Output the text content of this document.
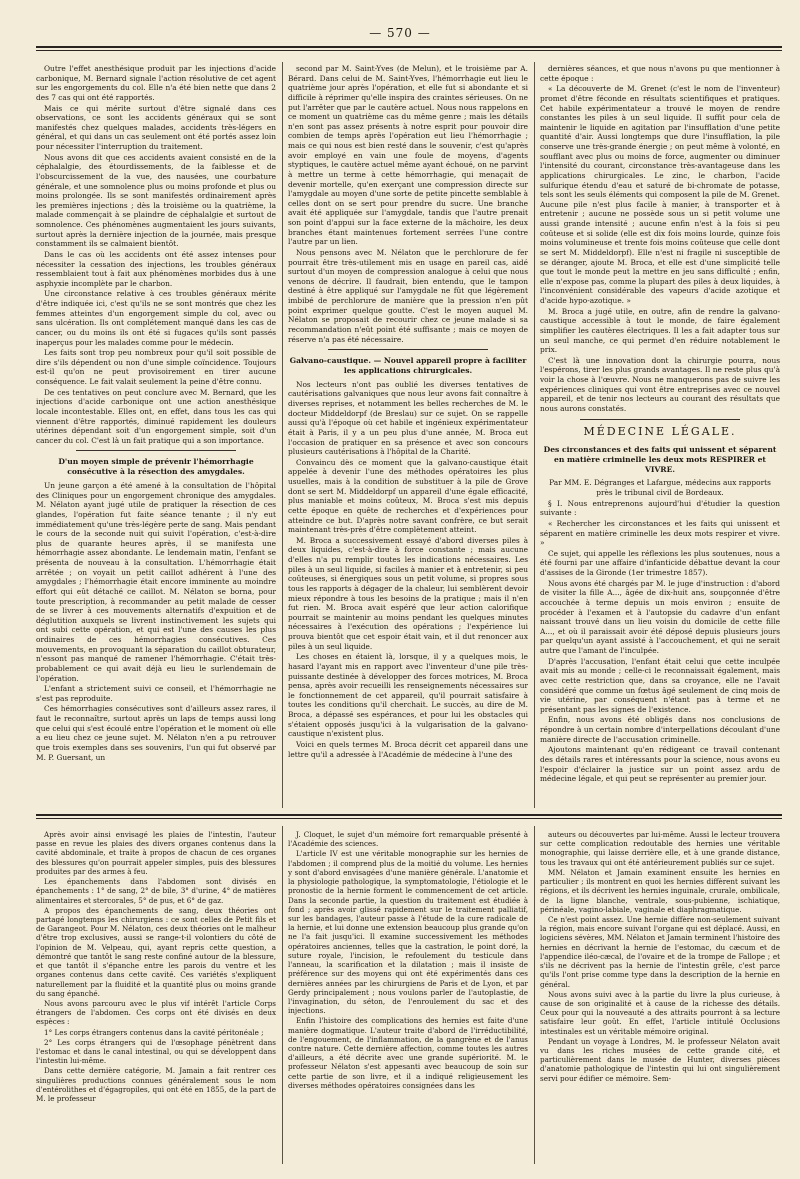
— 570 —

Outre l'effet anesthésique produit par les injections d'acide carbonique, M. Bernard signale l'action résolutive de cet agent sur les engorgements du col. Elle n'a été bien nette que dans 2 des 7 cas qui ont été rapportés.

Mais ce qui mérite surtout d'être signalé dans ces observations, ce sont les accidents généraux qui se sont manifestés chez quelques malades, accidents très-légers en général, et qui dans un cas seulement ont été portés assez loin pour nécessiter l'interruption du traitement.

Nous avons dit que ces accidents avaient consisté en de la céphalalgie, des étourdissements, de la faiblesse et de l'obscurcissement de la vue, des nausées, une courbature générale, et une somnolence plus ou moins profonde et plus ou moins prolongée. Ils se sont manifestés ordinairement après les premières injections ; dès la troisième ou la quatrième, la malade commençait à se plaindre de céphalalgie et surtout de somnolence. Ces phénomènes augmentaient les jours suivants, surtout après la dernière injection de la journée, mais presque constamment ils se calmaient bientôt.

Dans le cas où les accidents ont été assez intenses pour nécessiter la cessation des injections, les troubles généraux ressemblaient tout à fait aux phénomènes morbides dus à une asphyxie incomplète par le charbon.

Une circonstance relative à ces troubles généraux mérite d'être indiquée ici, c'est qu'ils ne se sont montrés que chez les femmes atteintes d'un engorgement simple du col, avec ou sans ulcération. Ils ont complétement manqué dans les cas de cancer, ou du moins ils ont été si fugaces qu'ils sont passés inaperçus pour les malades comme pour le médecin.

Les faits sont trop peu nombreux pour qu'il soit possible de dire s'ils dépendent ou non d'une simple coïncidence. Toujours est-il qu'on ne peut provisoirement en tirer aucune conséquence. Le fait valait seulement la peine d'être connu.

De ces tentatives on peut conclure avec M. Bernard, que les injections d'acide carbonique ont une action anesthésique locale incontestable. Elles ont, en effet, dans tous les cas qui viennent d'être rapportés, diminué rapidement les douleurs utérines dépendant soit d'un engorgement simple, soit d'un cancer du col. C'est là un fait pratique qui a son importance.

D'un moyen simple de prévenir l'hémorrhagie consécutive à la résection des amygdales.

Un jeune garçon a été amené à la consultation de l'hôpital des Cliniques pour un engorgement chronique des amygdales. M. Nélaton ayant jugé utile de pratiquer la résection de ces glandes, l'opération fut faite séance tenante ; il n'y eut immédiatement qu'une très-légère perte de sang. Mais pendant le cours de la seconde nuit qui suivit l'opération, c'est-à-dire plus de quarante heures après, il se manifesta une hémorrhagie assez abondante. Le lendemain matin, l'enfant se présenta de nouveau à la consultation. L'hémorrhagie était arrêtée ; on voyait un petit caillot adhérent à l'une des amygdales ; l'hémorrhagie était encore imminente au moindre effort qui eût détaché ce caillot. M. Nélaton se borna, pour toute prescription, à recommander au petit malade de cesser de se livrer à ces mouvements alternatifs d'expuition et de déglutition auxquels se livrent instinctivement les sujets qui ont subi cette opération, et qui est l'une des causes les plus ordinaires de ces hémorrhagies consécutives. Ces mouvements, en provoquant la séparation du caillot obturateur, n'essont pas manqué de ramener l'hémorrhagie. C'était très-probablement ce qui avait déjà eu lieu le surlendemain de l'opération.

L'enfant a strictement suivi ce conseil, et l'hémorrhagie ne s'est pas reproduite.

Ces hémorrhagies consécutives sont d'ailleurs assez rares, il faut le reconnaître, surtout après un laps de temps aussi long que celui qui s'est écoulé entre l'opération et le moment où elle a eu lieu chez ce jeune sujet. M. Nélaton n'en a pu retrouver que trois exemples dans ses souvenirs, l'un qui fut observé par M. P. Guersant, un

second par M. Saint-Yves (de Melun), et le troisième par A. Bérard. Dans celui de M. Saint-Yves, l'hémorrhagie eut lieu le quatrième jour après l'opération, et elle fut si abondante et si difficile à réprimer qu'elle inspira des craintes sérieuses. On ne put l'arrêter que par le cautère actuel. Nous nous rappelons en ce moment un quatrième cas du même genre ; mais les détails n'en sont pas assez présents à notre esprit pour pouvoir dire combien de temps après l'opération eut lieu l'hémorrhagie ; mais ce qui nous est bien resté dans le souvenir, c'est qu'après avoir employé en vain une foule de moyens, d'agents styptiques, le cautère actuel même ayant échoué, on ne parvint à mettre un terme à cette hémorrhagie, qui menaçait de devenir mortelle, qu'en exerçant une compression directe sur l'amygdale au moyen d'une sorte de petite pincette semblable à celles dont on se sert pour prendre du sucre. Une branche avait été appliquée sur l'amygdale, tandis que l'autre prenait son point d'appui sur la face externe de la mâchoire, les deux branches étant maintenues fortement serrées l'une contre l'autre par un lien.

Nous pensons avec M. Nélaton que le perchlorure de fer pourrait être très-utilement mis en usage en pareil cas, aidé surtout d'un moyen de compression analogue à celui que nous venons de décrire. Il faudrait, bien entendu, que le tampon destiné à être appliqué sur l'amygdale ne fût que légèrement imbibé de perchlorure de manière que la pression n'en pût point exprimer quelque goutte. C'est le moyen auquel M. Nélaton se proposait de recourir chez ce jeune malade si sa recommandation n'eût point été suffisante ; mais ce moyen de réserve n'a pas été nécessaire.

Galvano-caustique. — Nouvel appareil propre à faciliter les applications chirurgicales.

Nos lecteurs n'ont pas oublié les diverses tentatives de cautérisations galvaniques que nous leur avons fait connaître à diverses reprises, et notamment les belles recherches de M. le docteur Middeldorpf (de Breslau) sur ce sujet. On se rappelle aussi qu'à l'époque où cet habile et ingénieux expérimentateur était à Paris, il y a un peu plus d'une année, M. Broca eut l'occasion de pratiquer en sa présence et avec son concours plusieurs cautérisations à l'hôpital de la Charité.

Convaincu dès ce moment que la galvano-caustique était appelée à devenir l'une des méthodes opératoires les plus usuelles, mais à la condition de substituer à la pile de Grove dont se sert M. Middeldorpf un appareil d'une égale efficacité, plus maniable et moins coûteux, M. Broca s'est mis depuis cette époque en quête de recherches et d'expériences pour atteindre ce but. D'après notre savant confrère, ce but serait maintenant très-près d'être complètement atteint.

M. Broca a successivement essayé d'abord diverses piles à deux liquides, c'est-à-dire à force constante ; mais aucune d'elles n'a pu remplir toutes les indications nécessaires. Les piles à un seul liquide, si faciles à manier et à entretenir, si peu coûteuses, si énergiques sous un petit volume, si propres sous tous les rapports à dégager de la chaleur, lui semblèrent devoir mieux répondre à tous les besoins de la pratique ; mais il n'en fut rien. M. Broca avait espéré que leur action calorifique pourrait se maintenir au moins pendant les quelques minutes nécessaires à l'exécution des opérations ; l'expérience lui prouva bientôt que cet espoir était vain, et il dut renoncer aux piles à un seul liquide.

Les choses en étaient là, lorsque, il y a quelques mois, le hasard l'ayant mis en rapport avec l'inventeur d'une pile très-puissante destinée à développer des forces motrices, M. Broca pensa, après avoir recueilli les renseignements nécessaires sur le fonctionnement de cet appareil, qu'il pourrait satisfaire à toutes les conditions qu'il cherchait. Le succès, au dire de M. Broca, a dépassé ses espérances, et pour lui les obstacles qui s'étaient opposés jusqu'ici à la vulgarisation de la galvano-caustique n'existent plus.

Voici en quels termes M. Broca décrit cet appareil dans une lettre qu'il a adressée à l'Académie de médecine à l'une des

dernières séances, et que nous n'avons pu que mentionner à cette époque :

« La découverte de M. Grenet (c'est le nom de l'inventeur) promet d'être féconde en résultats scientifiques et pratiques. Cet habile expérimentateur a trouvé le moyen de rendre constantes les piles à un seul liquide. Il suffit pour cela de maintenir le liquide en agitation par l'insufflation d'une petite quantité d'air. Aussi longtemps que dure l'insufflation, la pile conserve une très-grande énergie ; on peut même à volonté, en soufflant avec plus ou moins de force, augmenter ou diminuer l'intensité du courant, circonstance très-avantageuse dans les applications chirurgicales. Le zinc, le charbon, l'acide sulfurique étendu d'eau et saturé de bi-chromate de potasse, tels sont les seuls éléments qui composent la pile de M. Grenet. Aucune pile n'est plus facile à manier, à transporter et à entretenir ; aucune ne possède sous un si petit volume une aussi grande intensité ; aucune enfin n'est à la fois si peu coûteuse et si solide (elle est dix fois moins lourde, quinze fois moins volumineuse et trente fois moins coûteuse que celle dont se sert M. Middeldorpf). Elle n'est ni fragile ni susceptible de se déranger, ajoute M. Broca, et elle est d'une simplicité telle que tout le monde peut la mettre en jeu sans difficulté ; enfin, elle n'expose pas, comme la plupart des piles à deux liquides, à l'inconvénient considérable des vapeurs d'acide azotique et d'acide hypo-azotique. »

M. Broca a jugé utile, en outre, afin de rendre la galvano-caustique accessible à tout le monde, de faire également simplifier les cautères électriques. Il les a fait adapter tous sur un seul manche, ce qui permet d'en réduire notablement le prix.

C'est là une innovation dont la chirurgie pourra, nous l'espérons, tirer les plus grands avantages. Il ne reste plus qu'à voir la chose à l'œuvre. Nous ne manquerons pas de suivre les expériences cliniques qui vont être entreprises avec ce nouvel appareil, et de tenir nos lecteurs au courant des résultats que nous aurons constatés.

MÉDECINE LÉGALE.

Des circonstances et des faits qui unissent et séparent en matière criminelle les deux mots RESPIRER et VIVRE.

Par MM. E. Dégranges et Lafargue, médecins aux rapports près le tribunal civil de Bordeaux.

§ I. Nous entreprenons aujourd'hui d'étudier la question suivante :

« Rechercher les circonstances et les faits qui unissent et séparent en matière criminelle les deux mots respirer et vivre. »

Ce sujet, qui appelle les réflexions les plus soutenues, nous a été fourni par une affaire d'infanticide débattue devant la cour d'assises de la Gironde (1er trimestre 1857).

Nous avons été chargés par M. le juge d'instruction : d'abord de visiter la fille A..., âgée de dix-huit ans, soupçonnée d'être accouchée à terme depuis un mois environ ; ensuite de procéder à l'examen et à l'autopsie du cadavre d'un enfant naissant trouvé dans un lieu voisin du domicile de cette fille A..., et où il paraissait avoir été déposé depuis plusieurs jours par quelqu'un ayant assisté à l'accouchement, et qui ne serait autre que l'amant de l'inculpée.

D'après l'accusation, l'enfant était celui que cette inculpée avait mis au monde ; celle-ci le reconnaissait également, mais avec cette restriction que, dans sa croyance, elle ne l'avait considéré que comme un fœtus âgé seulement de cinq mois de vie utérine, par conséquent n'étant pas à terme et ne présentant pas les signes de l'existence.

Enfin, nous avons été obligés dans nos conclusions de répondre à un certain nombre d'interpellations découlant d'une manière directe de l'accusation criminelle.

Ajoutons maintenant qu'en rédigeant ce travail contenant des détails rares et intéressants pour la science, nous avons eu l'espoir d'éclairer la justice sur un point assez ardu de médecine légale, et qui peut se représenter au premier jour.

Après avoir ainsi envisagé les plaies de l'intestin, l'auteur passe en revue les plaies des divers organes contenus dans la cavité abdominale, et traite à propos de chacun de ces organes des blessures qu'on pourrait appeler simples, puis des blessures produites par des armes à feu.

Les épanchements dans l'abdomen sont divisés en épanchements : 1° de sang, 2° de bile, 3° d'urine, 4° de matières alimentaires et stercorales, 5° de pus, et 6° de gaz.

A propos des épanchements de sang, deux théories ont partagé longtemps les chirurgiens : ce sont celles de Petit fils et de Garangeot. Pour M. Nélaton, ces deux théories ont le malheur d'être trop exclusives, aussi se range-t-il volontiers du côté de l'opinion de M. Velpeau, qui, ayant repris cette question, a démontré que tantôt le sang reste confiné autour de la blessure, et que tantôt il s'épanche entre les parois du ventre et les organes contenus dans cette cavité. Ces variétés s'expliquent naturellement par la fluidité et la quantité plus ou moins grande du sang épanché.

Nous avons parcouru avec le plus vif intérêt l'article Corps étrangers de l'abdomen. Ces corps ont été divisés en deux espèces :

1° Les corps étrangers contenus dans la cavité péritonéale ;

2° Les corps étrangers qui de l'œsophage pénètrent dans l'estomac et dans le canal intestinal, ou qui se développent dans l'intestin lui-même.

Dans cette dernière catégorie, M. Jamain a fait rentrer ces singulières productions connues généralement sous le nom d'entérolithes et d'égagropiles, qui ont été en 1855, de la part de M. le professeur

J. Cloquet, le sujet d'un mémoire fort remarquable présenté à l'Académie des sciences.

L'article IV est une véritable monographie sur les hernies de l'abdomen ; il comprend plus de la moitié du volume. Les hernies y sont d'abord envisagées d'une manière générale. L'anatomie et la physiologie pathologique, la symptomatologie, l'étiologie et le pronostic de la hernie forment le commencement de cet article. Dans la seconde partie, la question du traitement est étudiée à fond ; après avoir glissé rapidement sur le traitement palliatif, sur les bandages, l'auteur passe à l'étude de la cure radicale de la hernie, et lui donne une extension beaucoup plus grande qu'on ne l'a fait jusqu'ici. Il examine successivement les méthodes opératoires anciennes, telles que la castration, le point doré, la suture royale, l'incision, le refoulement du testicule dans l'anneau, la scarification et la dilatation ; mais il insiste de préférence sur des moyens qui ont été expérimentés dans ces dernières années par les chirurgiens de Paris et de Lyon, et par Gerdy principalement ; nous voulons parler de l'autoplastie, de l'invagination, du séton, de l'enroulement du sac et des injections.

Enfin l'histoire des complications des hernies est faite d'une manière dogmatique. L'auteur traite d'abord de l'irréductibilité, de l'engouement, de l'inflammation, de la gangrène et de l'anus contre nature. Cette dernière affection, comme toutes les autres d'ailleurs, a été décrite avec une grande supériorité. M. le professeur Nélaton s'est appesanti avec beaucoup de soin sur cette partie de son livre, et il a indiqué religieusement les diverses méthodes opératoires consignées dans les

auteurs ou découvertes par lui-même. Aussi le lecteur trouvera sur cette complication redoutable des hernies une véritable monographie, qui laisse derrière elle, et à une grande distance, tous les travaux qui ont été antérieurement publiés sur ce sujet.

MM. Nélaton et Jamain examinent ensuite les hernies en particulier ; ils montrent en quoi les hernies diffèrent suivant les régions, et ils décrivent les hernies inguinale, crurale, ombilicale, de la ligne blanche, ventrale, sous-pubienne, ischiatique, périnéale, vagino-labiale, vaginale et diaphragmatique.

Ce n'est point assez. Une hernie diffère non-seulement suivant la région, mais encore suivant l'organe qui est déplacé. Aussi, en logiciens sévères, MM. Nélaton et Jamain terminent l'histoire des hernies en décrivant la hernie de l'estomac, du cæcum et de l'appendice iléo-cæcal, de l'ovaire et de la trompe de Fallope ; et s'ils ne décrivent pas la hernie de l'intestin grêle, c'est parce qu'ils l'ont prise comme type dans la description de la hernie en général.

Nous avons suivi avec à la partie du livre la plus curieuse, à cause de son originalité et à cause de la richesse des détails. Ceux pour qui la nouveauté a des attraits pourront à sa lecture satisfaire leur goût. En effet, l'article intitulé Occlusions intestinales est un véritable mémoire original.

Pendant un voyage à Londres, M. le professeur Nélaton avait vu dans les riches musées de cette grande cité, et particulièrement dans le musée de Hunter, diverses pièces d'anatomie pathologique de l'intestin qui lui ont singulièrement servi pour édifier ce mémoire. Sem-
